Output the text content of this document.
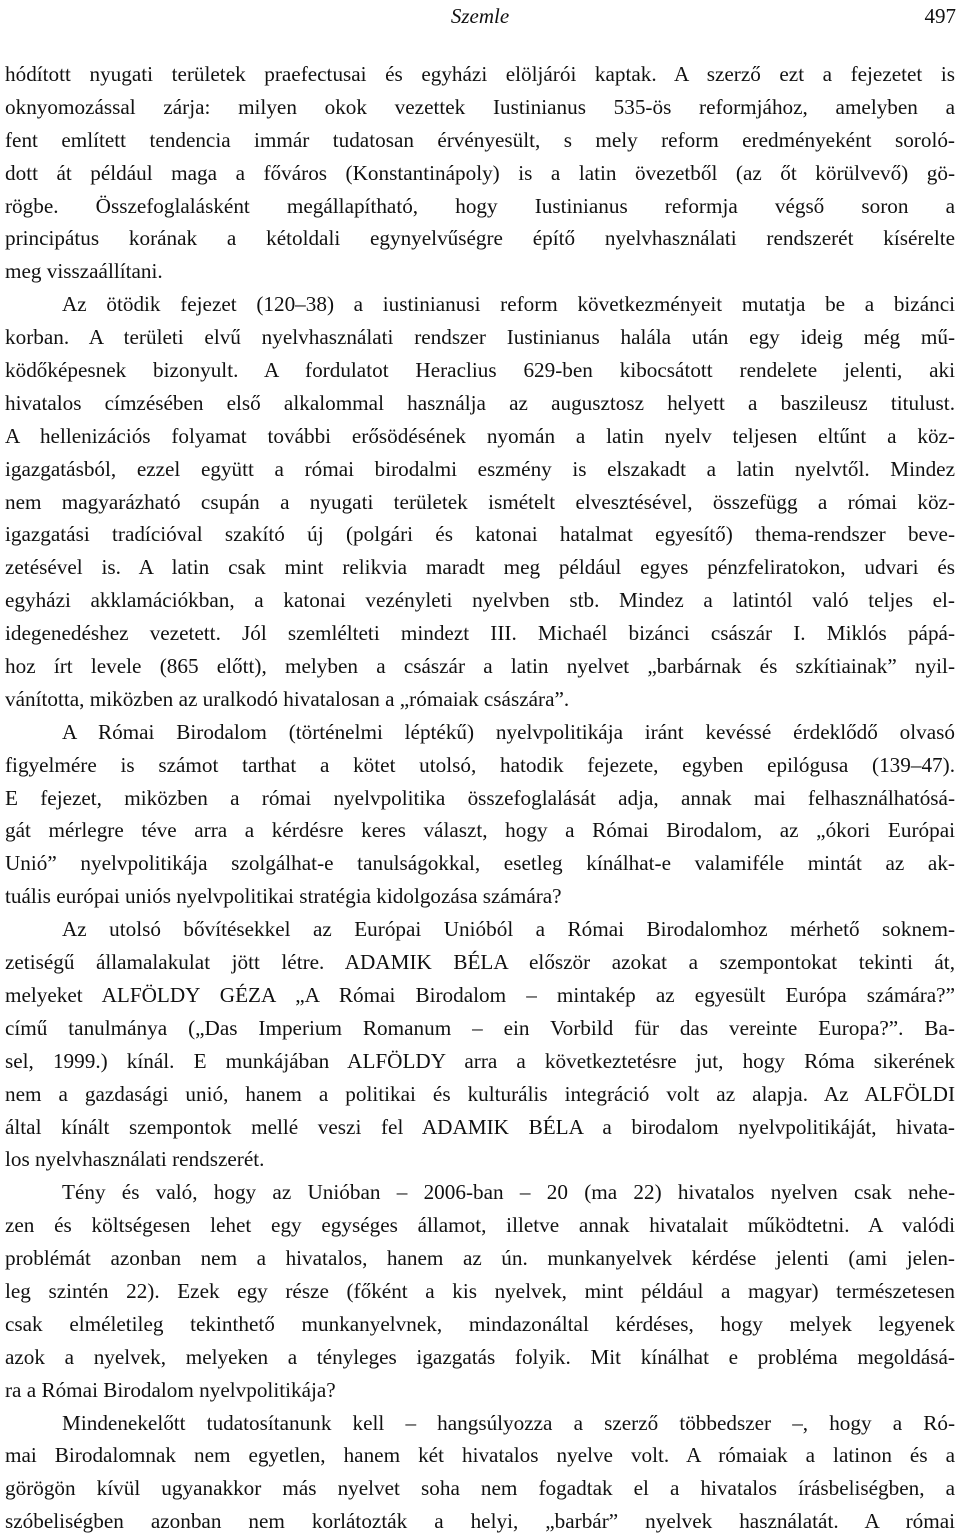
Szemle	497
hódított nyugati területek praefectusai és egyházi elöljárói kaptak. A szerző ezt a fejezetet is
oknyomozással zárja: milyen okok vezettek Iustinianus 535-ös reformjához, amelyben a
fent említett tendencia immár tudatosan érvényesült, s mely reform eredményeként soroló-
dott át például maga a főváros (Konstantinápoly) is a latin övezetből (az őt körülvevő) gö-
rögbe. Összefoglalásként megállapítható, hogy Iustinianus reformja végső soron a
principátus korának a kétoldali egynyelvűségre építő nyelvhasználati rendszerét kísérelte
meg visszaállítani.
Az ötödik fejezet (120–38) a iustinianusi reform következményeit mutatja be a bizánci
korban. A területi elvű nyelvhasználati rendszer Iustinianus halála után egy ideig még mű-
ködőképesnek bizonyult. A fordulatot Heraclius 629-ben kibocsátott rendelete jelenti, aki
hivatalos címzésében első alkalommal használja az augusztosz helyett a baszileusz titulust.
A hellenizációs folyamat további erősödésének nyomán a latin nyelv teljesen eltűnt a köz-
igazgatásból, ezzel együtt a római birodalmi eszmény is elszakadt a latin nyelvtől. Mindez
nem magyarázható csupán a nyugati területek ismételt elvesztésével, összefügg a római köz-
igazgatási tradícióval szakító új (polgári és katonai hatalmat egyesítő) thema-rendszer beve-
zetésével is. A latin csak mint relikvia maradt meg például egyes pénzfeliratokon, udvari és
egyházi akklamációkban, a katonai vezényleti nyelvben stb. Mindez a latintól való teljes el-
idegenedéshez vezetett. Jól szemlélteti mindezt III. Michaél bizánci császár I. Miklós pápá-
hoz írt levele (865 előtt), melyben a császár a latin nyelvet „barbárnak és szkítiainak” nyil-
vánította, miközben az uralkodó hivatalosan a „rómaiak császára”.
A Római Birodalom (történelmi léptékű) nyelvpolitikája iránt kevéssé érdeklődő olvasó
figyelmére is számot tarthat a kötet utolsó, hatodik fejezete, egyben epilógusa (139–47).
E fejezet, miközben a római nyelvpolitika összefoglalását adja, annak mai felhasználhatósá-
gát mérlegre téve arra a kérdésre keres választ, hogy a Római Birodalom, az „ókori Európai
Unió” nyelvpolitikája szolgálhat-e tanulságokkal, esetleg kínálhat-e valamiféle mintát az ak-
tuális európai uniós nyelvpolitikai stratégia kidolgozása számára?
Az utolsó bővítésekkel az Európai Unióból a Római Birodalomhoz mérhető soknem-
zetiségű államalakulat jött létre. ADAMIK BÉLA először azokat a szempontokat tekinti át,
melyeket ALFÖLDY GÉZA „A Római Birodalom – mintakép az egyesült Európa számára?”
című tanulmánya („Das Imperium Romanum – ein Vorbild für das vereinte Europa?”. Ba-
sel, 1999.) kínál. E munkájában ALFÖLDY arra a következtetésre jut, hogy Róma sikerének
nem a gazdasági unió, hanem a politikai és kulturális integráció volt az alapja. Az ALFÖLDI
által kínált szempontok mellé veszi fel ADAMIK BÉLA a birodalom nyelvpolitikáját, hivata-
los nyelvhasználati rendszerét.
Tény és való, hogy az Unióban – 2006-ban – 20 (ma 22) hivatalos nyelven csak nehe-
zen és költségesen lehet egy egységes államot, illetve annak hivatalait működtetni. A valódi
problémát azonban nem a hivatalos, hanem az ún. munkanyelvek kérdése jelenti (ami jelen-
leg szintén 22). Ezek egy része (főként a kis nyelvek, mint például a magyar) természetesen
csak elméletileg tekinthető munkanyelvnek, mindazonáltal kérdéses, hogy melyek legyenek
azok a nyelvek, melyeken a tényleges igazgatás folyik. Mit kínálhat e probléma megoldásá-
ra a Római Birodalom nyelvpolitikája?
Mindenekelőtt tudatosítanunk kell – hangsúlyozza a szerző többedszer –, hogy a Ró-
mai Birodalomnak nem egyetlen, hanem két hivatalos nyelve volt. A rómaiak a latinon és a
görögön kívül ugyanakkor más nyelvet soha nem fogadtak el a hivatalos írásbeliségben, a
szóbeliségben azonban nem korlátozták a helyi, „barbár” nyelvek használatát. A római
